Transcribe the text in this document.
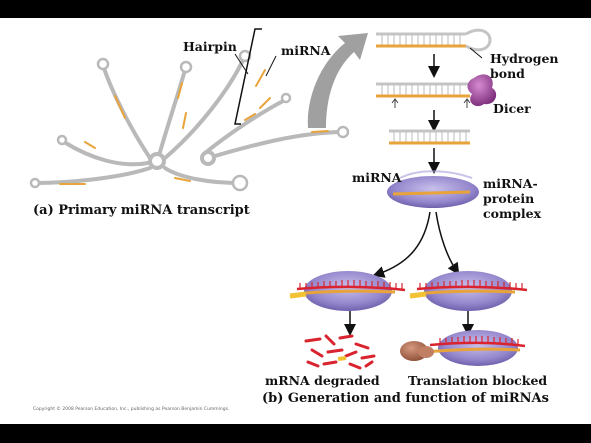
Hairpin	miRNA
(a) Primary miRNA transcript
Hydrogen
bond
Dicer
miRNA	miRNA-
protein
complex
mRNA degraded Translation blocked
(b) Generation and function of miRNAs
Copyright © 2008 Pearson Education, Inc., publishing as Pearson Benjamin Cummings.
